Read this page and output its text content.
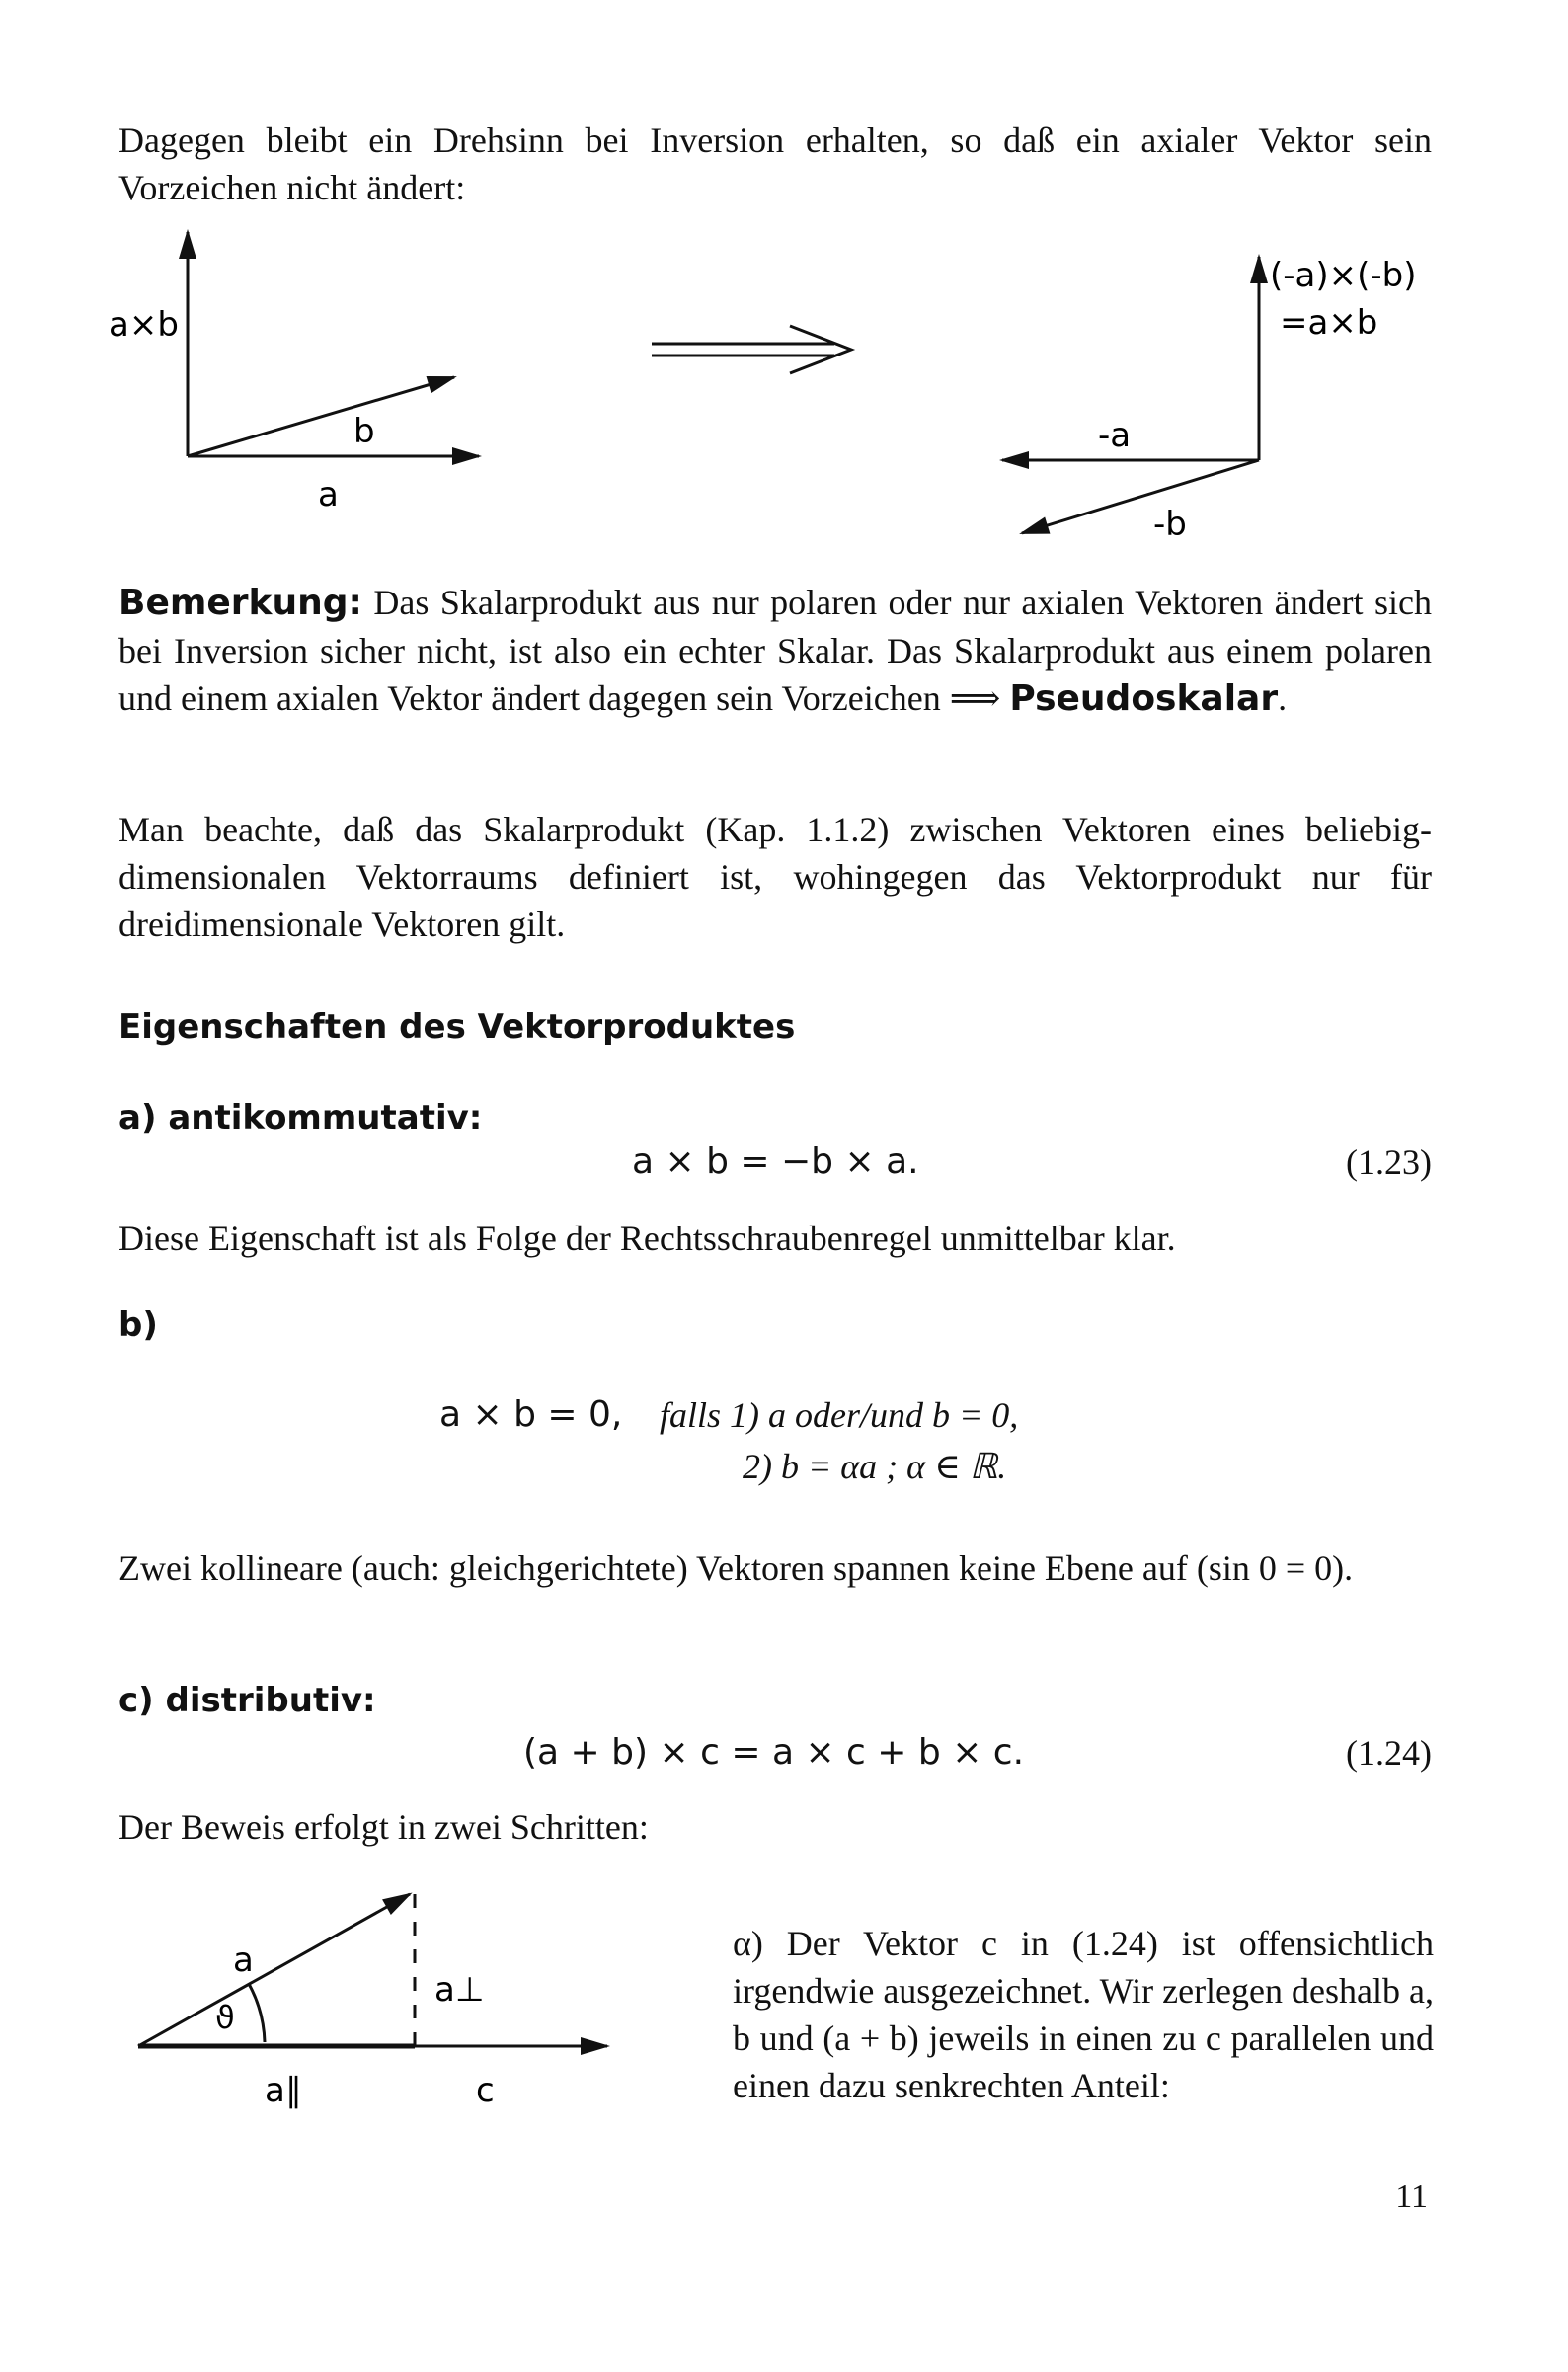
Dagegen bleibt ein Drehsinn bei Inversion erhalten, so daß ein axialer Vektor sein Vorzeichen nicht ändert:

a×b
b
a
(-a)×(-b)
=a×b
-a
-b

Bemerkung: Das Skalarprodukt aus nur polaren oder nur axialen Vektoren ändert sich bei Inversion sicher nicht, ist also ein echter Skalar. Das Skalarprodukt aus einem polaren und einem axialen Vektor ändert dagegen sein Vorzeichen ⟹ Pseudoskalar.

Man beachte, daß das Skalarprodukt (Kap. 1.1.2) zwischen Vektoren eines beliebig-dimensionalen Vektorraums definiert ist, wohingegen das Vektorprodukt nur für dreidimensionale Vektoren gilt.

Eigenschaften des Vektorproduktes
a) antikommutativ:
a × b = −b × a.	(1.23)

Diese Eigenschaft ist als Folge der Rechtsschraubenregel unmittelbar klar.

b)
a × b = 0, falls 1) a oder/und b = 0,
2) b = αa ; α ∈ ℝ.

Zwei kollineare (auch: gleichgerichtete) Vektoren spannen keine Ebene auf (sin 0 = 0).

c) distributiv:
(a + b) × c = a × c + b × c.	(1.24)

Der Beweis erfolgt in zwei Schritten:

a
ϑ
a⊥
a∥	c

α) Der Vektor c in (1.24) ist offensichtlich irgendwie ausgezeichnet. Wir zerlegen deshalb a, b und (a + b) jeweils in einen zu c parallelen und einen dazu senkrechten Anteil:

11
